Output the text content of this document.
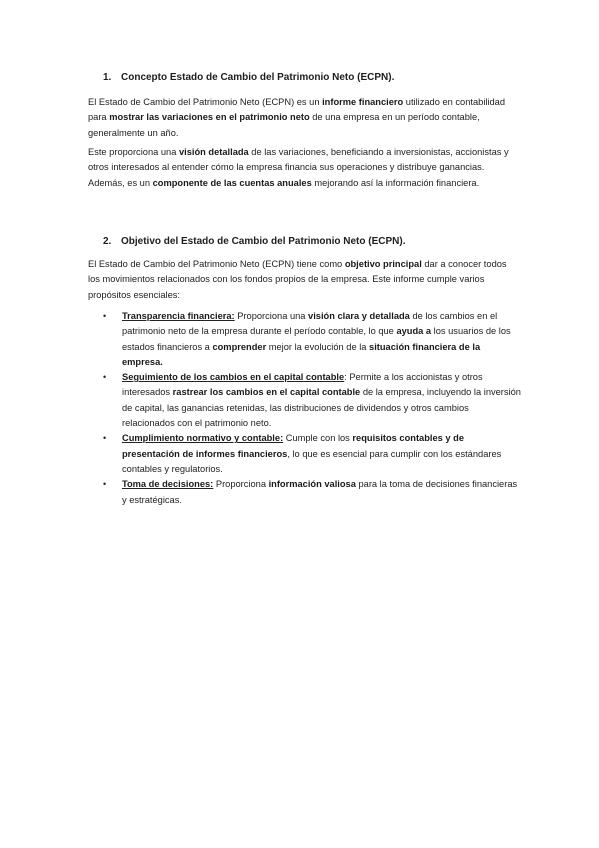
1. Concepto Estado de Cambio del Patrimonio Neto (ECPN).

El Estado de Cambio del Patrimonio Neto (ECPN) es un informe financiero utilizado en contabilidad para mostrar las variaciones en el patrimonio neto de una empresa en un período contable, generalmente un año.

Este proporciona una visión detallada de las variaciones, beneficiando a inversionistas, accionistas y otros interesados al entender cómo la empresa financia sus operaciones y distribuye ganancias. Además, es un componente de las cuentas anuales mejorando así la información financiera.

2. Objetivo del Estado de Cambio del Patrimonio Neto (ECPN).

El Estado de Cambio del Patrimonio Neto (ECPN) tiene como objetivo principal dar a conocer todos los movimientos relacionados con los fondos propios de la empresa. Este informe cumple varios propósitos esenciales:

• Transparencia financiera: Proporciona una visión clara y detallada de los cambios en el patrimonio neto de la empresa durante el período contable, lo que ayuda a los usuarios de los estados financieros a comprender mejor la evolución de la situación financiera de la empresa.
• Seguimiento de los cambios en el capital contable: Permite a los accionistas y otros interesados rastrear los cambios en el capital contable de la empresa, incluyendo la inversión de capital, las ganancias retenidas, las distribuciones de dividendos y otros cambios relacionados con el patrimonio neto.
• Cumplimiento normativo y contable: Cumple con los requisitos contables y de presentación de informes financieros, lo que es esencial para cumplir con los estándares contables y regulatorios.
• Toma de decisiones: Proporciona información valiosa para la toma de decisiones financieras y estratégicas.
